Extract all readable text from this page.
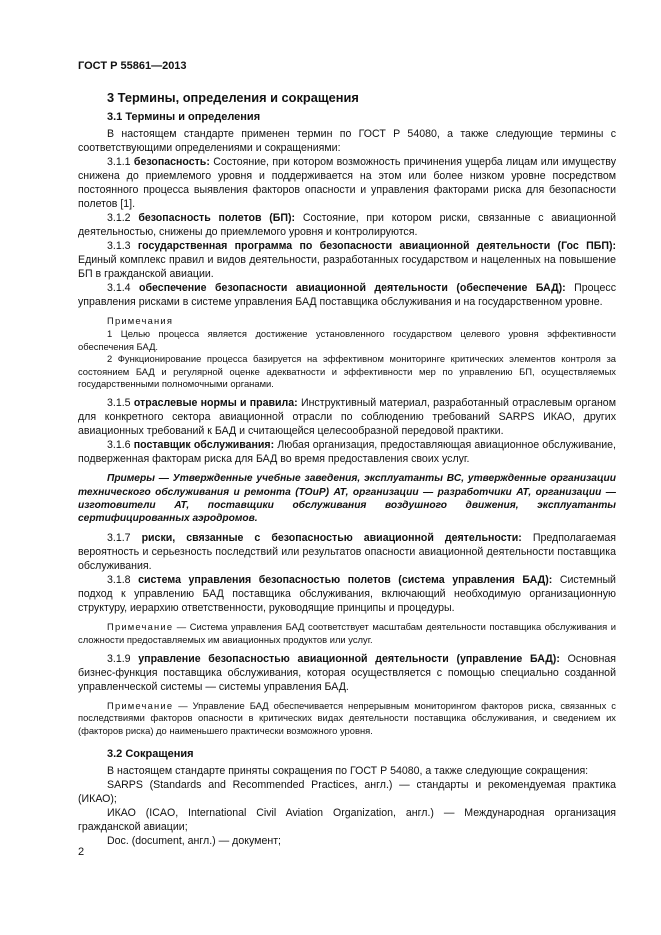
ГОСТ Р 55861—2013

3 Термины, определения и сокращения

3.1 Термины и определения

В настоящем стандарте применен термин по ГОСТ Р 54080, а также следующие термины с соответствующими определениями и сокращениями:

3.1.1 безопасность: Состояние, при котором возможность причинения ущерба лицам или имуществу снижена до приемлемого уровня и поддерживается на этом или более низком уровне посредством постоянного процесса выявления факторов опасности и управления факторами риска для безопасности полетов [1].

3.1.2 безопасность полетов (БП): Состояние, при котором риски, связанные с авиационной деятельностью, снижены до приемлемого уровня и контролируются.

3.1.3 государственная программа по безопасности авиационной деятельности (Гос ПБП): Единый комплекс правил и видов деятельности, разработанных государством и нацеленных на повышение БП в гражданской авиации.

3.1.4 обеспечение безопасности авиационной деятельности (обеспечение БАД): Процесс управления рисками в системе управления БАД поставщика обслуживания и на государственном уровне.

Примечания

1 Целью процесса является достижение установленного государством целевого уровня эффективности обеспечения БАД.

2 Функционирование процесса базируется на эффективном мониторинге критических элементов контроля за состоянием БАД и регулярной оценке адекватности и эффективности мер по управлению БП, осуществляемых государственными полномочными органами.

3.1.5 отраслевые нормы и правила: Инструктивный материал, разработанный отраслевым органом для конкретного сектора авиационной отрасли по соблюдению требований SARPS ИКАО, других авиационных требований к БАД и считающейся целесообразной передовой практики.

3.1.6 поставщик обслуживания: Любая организация, предоставляющая авиационное обслуживание, подверженная факторам риска для БАД во время предоставления своих услуг.

Примеры — Утвержденные учебные заведения, эксплуатанты ВС, утвержденные организации технического обслуживания и ремонта (ТОиР) АТ, организации — разработчики АТ, организации — изготовители АТ, поставщики обслуживания воздушного движения, эксплуатанты сертифицированных аэродромов.

3.1.7 риски, связанные с безопасностью авиационной деятельности: Предполагаемая вероятность и серьезность последствий или результатов опасности авиационной деятельности поставщика обслуживания.

3.1.8 система управления безопасностью полетов (система управления БАД): Системный подход к управлению БАД поставщика обслуживания, включающий необходимую организационную структуру, иерархию ответственности, руководящие принципы и процедуры.

Примечание — Система управления БАД соответствует масштабам деятельности поставщика обслуживания и сложности предоставляемых им авиационных продуктов или услуг.

3.1.9 управление безопасностью авиационной деятельности (управление БАД): Основная бизнес-функция поставщика обслуживания, которая осуществляется с помощью специально созданной управленческой системы — системы управления БАД.

Примечание — Управление БАД обеспечивается непрерывным мониторингом факторов риска, связанных с последствиями факторов опасности в критических видах деятельности поставщика обслуживания, и сведением их (факторов риска) до наименьшего практически возможного уровня.

3.2 Сокращения

В настоящем стандарте приняты сокращения по ГОСТ Р 54080, а также следующие сокращения:

SARPS (Standards and Recommended Practices, англ.) — стандарты и рекомендуемая практика (ИКАО);

ИКАО (ICAO, International Civil Aviation Organization, англ.) — Международная организация гражданской авиации;

Doc. (document, англ.) — документ;

2
